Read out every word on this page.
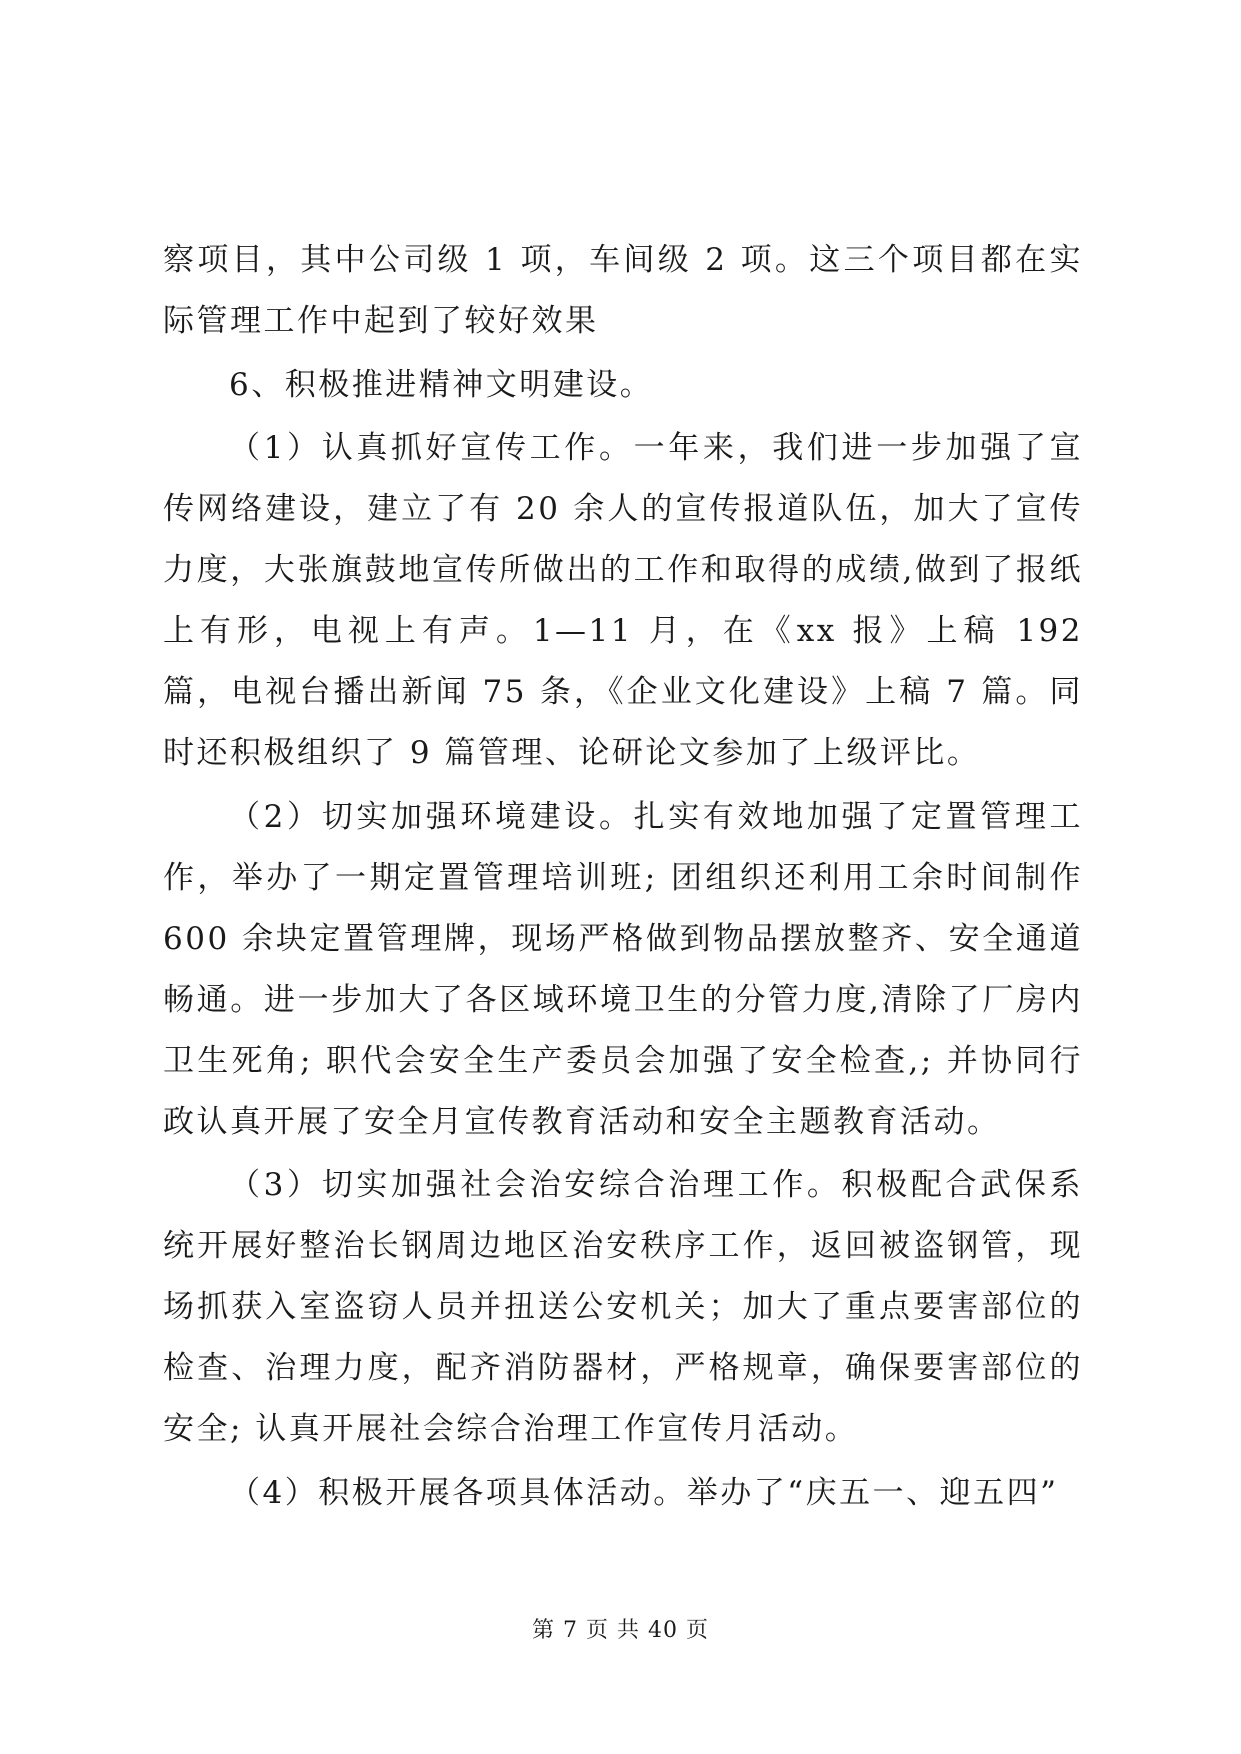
察项目，其中公司级 1 项，车间级 2 项。这三个项目都在实际管理工作中起到了较好效果

6、积极推进精神文明建设。

（1）认真抓好宣传工作。一年来，我们进一步加强了宣传网络建设，建立了有 20 余人的宣传报道队伍，加大了宣传力度，大张旗鼓地宣传所做出的工作和取得的成绩,做到了报纸上有形，电视上有声。1—11 月，在《xx 报》上稿 192 篇，电视台播出新闻 75 条，《企业文化建设》上稿 7 篇。同时还积极组织了 9 篇管理、论研论文参加了上级评比。

（2）切实加强环境建设。扎实有效地加强了定置管理工作，举办了一期定置管理培训班; 团组织还利用工余时间制作 600 余块定置管理牌，现场严格做到物品摆放整齐、安全通道畅通。进一步加大了各区域环境卫生的分管力度,清除了厂房内卫生死角; 职代会安全生产委员会加强了安全检查,; 并协同行政认真开展了安全月宣传教育活动和安全主题教育活动。

（3）切实加强社会治安综合治理工作。积极配合武保系统开展好整治长钢周边地区治安秩序工作，返回被盗钢管，现场抓获入室盗窃人员并扭送公安机关；加大了重点要害部位的检查、治理力度，配齐消防器材，严格规章，确保要害部位的安全; 认真开展社会综合治理工作宣传月活动。

（4）积极开展各项具体活动。举办了“庆五一、迎五四”

第 7 页 共 40 页
